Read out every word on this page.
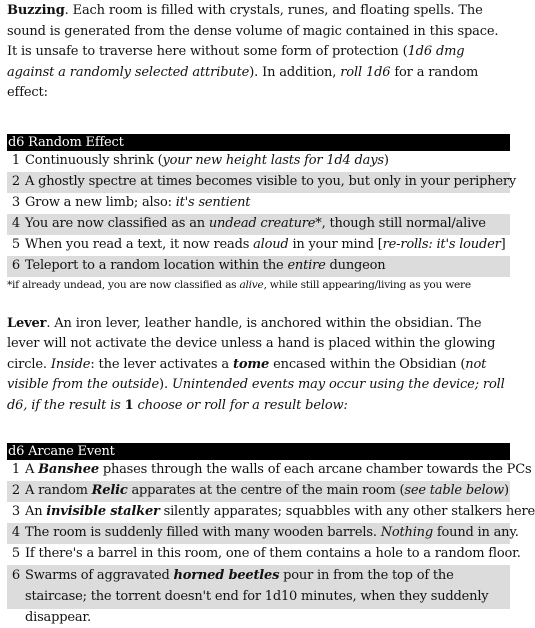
Buzzing. Each room is filled with crystals, runes, and floating spells. The sound is generated from the dense volume of magic contained in this space. It is unsafe to traverse here without some form of protection (1d6 dmg against a randomly selected attribute). In addition, roll 1d6 for a random effect:

d6 Random Effect
1 Continuously shrink (your new height lasts for 1d4 days)
2 A ghostly spectre at times becomes visible to you, but only in your periphery
3 Grow a new limb; also: it's sentient
4 You are now classified as an undead creature*, though still normal/alive
5 When you read a text, it now reads aloud in your mind [re-rolls: it's louder]
6 Teleport to a random location within the entire dungeon
*if already undead, you are now classified as alive, while still appearing/living as you were

Lever. An iron lever, leather handle, is anchored within the obsidian. The lever will not activate the device unless a hand is placed within the glowing circle. Inside: the lever activates a tome encased within the Obsidian (not visible from the outside). Unintended events may occur using the device; roll d6, if the result is 1 choose or roll for a result below:

d6 Arcane Event
1 A Banshee phases through the walls of each arcane chamber towards the PCs
2 A random Relic apparates at the centre of the main room (see table below)
3 An invisible stalker silently apparates; squabbles with any other stalkers here
4 The room is suddenly filled with many wooden barrels. Nothing found in any.
5 If there's a barrel in this room, one of them contains a hole to a random floor.
6 Swarms of aggravated horned beetles pour in from the top of the staircase; the torrent doesn't end for 1d10 minutes, when they suddenly disappear.
